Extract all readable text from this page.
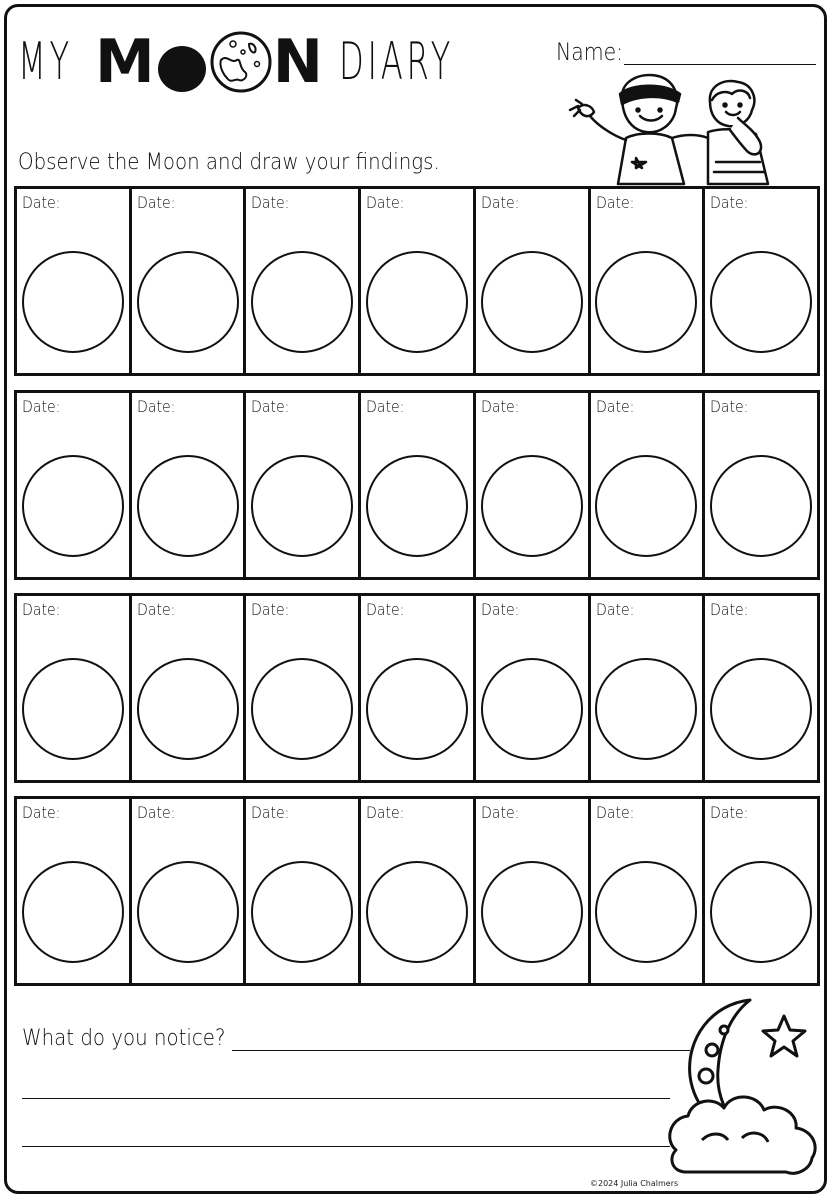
MY M N DIARY	Name:
Observe the Moon and draw your findings.
Date:	Date:	Date:	Date:	Date:	Date:	Date:
Date:	Date:	Date:	Date:	Date:	Date:	Date:
Date:	Date:	Date:	Date:	Date:	Date:	Date:
Date:	Date:	Date:	Date:	Date:	Date:	Date:
What do you notice?
©2024 Julia Chalmers
